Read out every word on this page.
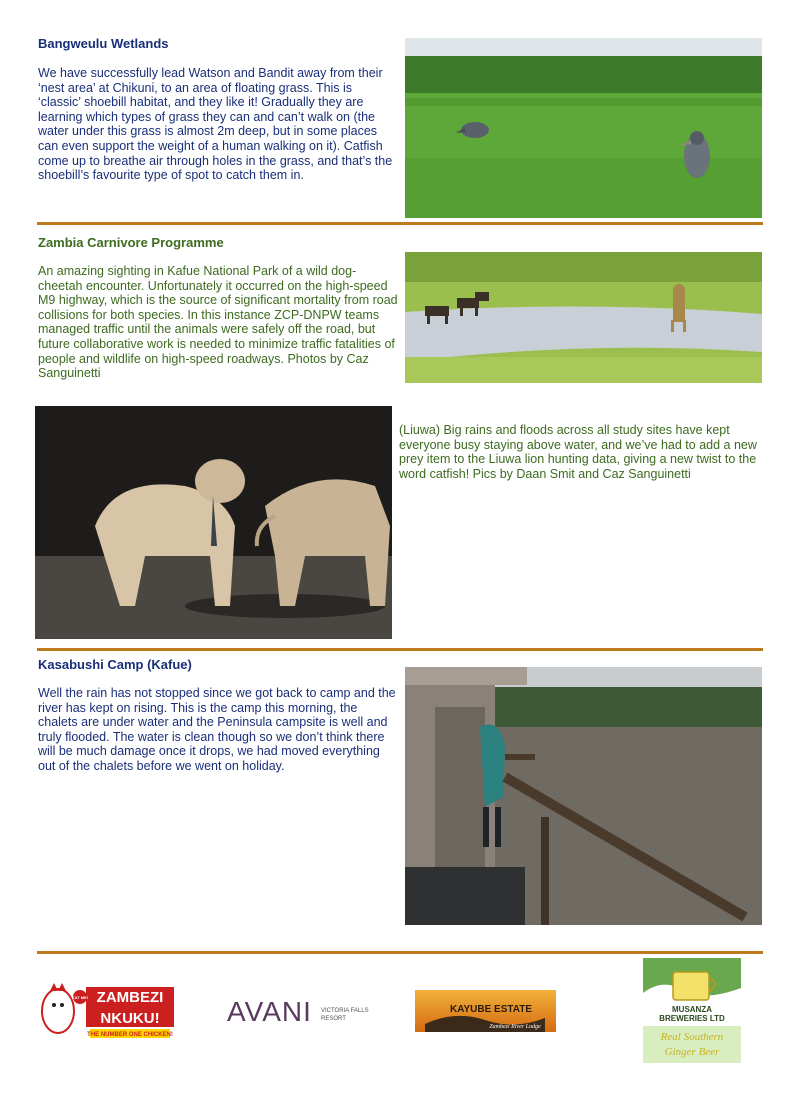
Bangweulu Wetlands
We have successfully lead Watson and Bandit away from their ‘nest area’ at Chikuni, to an area of floating grass. This is ‘classic’ shoebill habitat, and they like it! Gradually they are learning which types of grass they can and can’t walk on (the water under this grass is almost 2m deep, but in some places can even support the weight of a human walking on it). Catfish come up to breathe air through holes in the grass, and that’s the shoebill’s favourite type of spot to catch them in.
Zambia Carnivore Programme
An amazing sighting in Kafue National Park of a wild dog-cheetah encounter. Unfortunately it occurred on the high-speed M9 highway, which is the source of significant mortality from road collisions for both species. In this instance ZCP-DNPW teams managed traffic until the animals were safely off the road, but future collaborative work is needed to minimize traffic fatalities of people and wildlife on high-speed roadways. Photos by Caz Sanguinetti
(Liuwa) Big rains and floods across all study sites have kept everyone busy staying above water, and we’ve had to add a new prey item to the Liuwa lion hunting data, giving a new twist to the word catfish! Pics by Daan Smit and Caz Sanguinetti
Kasabushi Camp (Kafue)
Well the rain has not stopped since we got back to camp and the river has kept on rising. This is the camp this morning, the chalets are under water and the Peninsula campsite is well and truly flooded. The water is clean though so we don’t think there will be much damage once it drops, we had moved everything out of the chalets before we went on holiday.
ZAMBEZI
NKUKU!
THE NUMBER ONE CHICKEN!
EAT ME!	AVANI VICTORIA FALLS
RESORT
KAYUBE ESTATE
Zambezi River Lodge
MUSANZA
BREWERIES LTD
Real Southern
Ginger Beer
